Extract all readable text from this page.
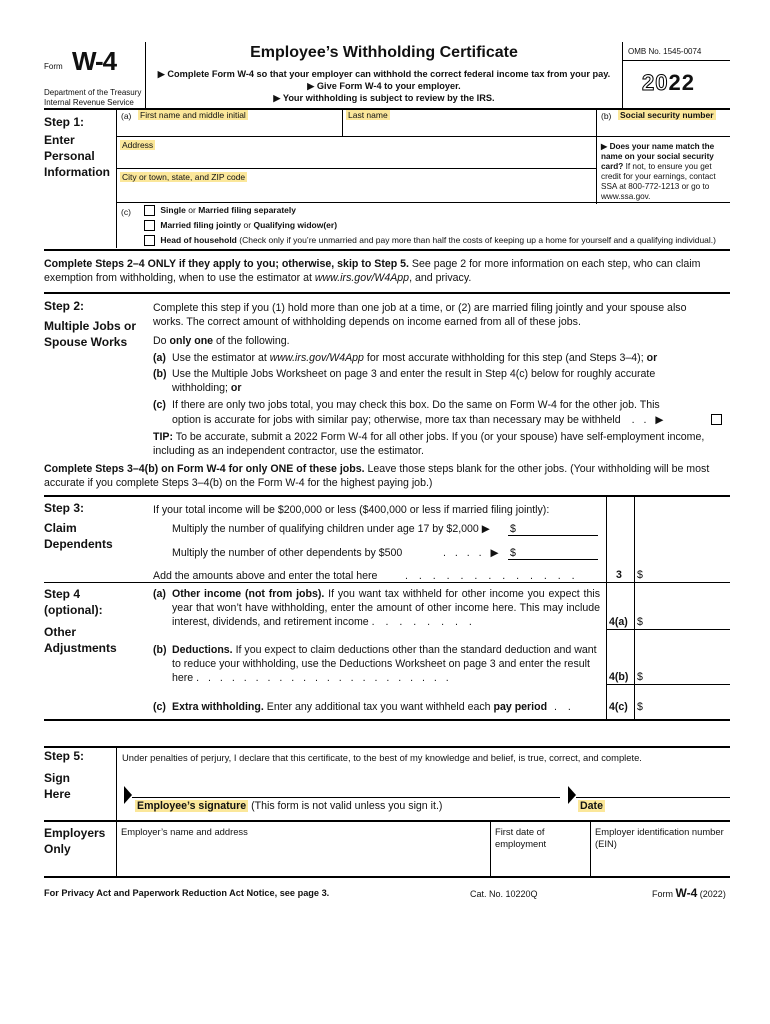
Form W-4
Department of the Treasury
Internal Revenue Service
Employee’s Withholding Certificate
▶ Complete Form W-4 so that your employer can withhold the correct federal income tax from your pay.
▶ Give Form W-4 to your employer.
▶ Your withholding is subject to review by the IRS.
OMB No. 1545-0074
2022
Step 1:
Enter Personal Information
(a) First name and middle initial	Last name	(b) Social security number
Address
City or town, state, and ZIP code
▶ Does your name match the name on your social security card? If not, to ensure you get credit for your earnings, contact SSA at 800-772-1213 or go to www.ssa.gov.
(c)	Single or Married filing separately
Married filing jointly or Qualifying widow(er)
Head of household (Check only if you’re unmarried and pay more than half the costs of keeping up a home for yourself and a qualifying individual.)
Complete Steps 2–4 ONLY if they apply to you; otherwise, skip to Step 5. See page 2 for more information on each step, who can claim exemption from withholding, when to use the estimator at www.irs.gov/W4App, and privacy.
Step 2:
Multiple Jobs or Spouse Works
Complete this step if you (1) hold more than one job at a time, or (2) are married filing jointly and your spouse also works. The correct amount of withholding depends on income earned from all of these jobs.
Do only one of the following.
(a) Use the estimator at www.irs.gov/W4App for most accurate withholding for this step (and Steps 3–4); or
(b) Use the Multiple Jobs Worksheet on page 3 and enter the result in Step 4(c) below for roughly accurate withholding; or
(c) If there are only two jobs total, you may check this box. Do the same on Form W-4 for the other job. This
option is accurate for jobs with similar pay; otherwise, more tax than necessary may be withheld . . ▶
TIP: To be accurate, submit a 2022 Form W-4 for all other jobs. If you (or your spouse) have self-employment income, including as an independent contractor, use the estimator.
Complete Steps 3–4(b) on Form W-4 for only ONE of these jobs. Leave those steps blank for the other jobs. (Your withholding will be most accurate if you complete Steps 3–4(b) on the Form W-4 for the highest paying job.)
Step 3:
Claim Dependents
If your total income will be $200,000 or less ($400,000 or less if married filing jointly):
Multiply the number of qualifying children under age 17 by $2,000 ▶ $
Multiply the number of other dependents by $500	. . . . ▶ $
Add the amounts above and enter the total here	. . . . . . . . . . . . .	3 $
Step 4
(optional):
Other Adjustments
(a) Other income (not from jobs). If you want tax withheld for other income you expect this year that won’t have withholding, enter the amount of other income here. This may include interest, dividends, and retirement income . . . . . . . .	4(a) $
(b) Deductions. If you expect to claim deductions other than the standard deduction and want to reduce your withholding, use the Deductions Worksheet on page 3 and enter the result here . . . . . . . . . . . . . . . . . . . . . .	4(b) $
(c) Extra withholding. Enter any additional tax you want withheld each pay period . .	4(c) $
Step 5:
Sign Here
Under penalties of perjury, I declare that this certificate, to the best of my knowledge and belief, is true, correct, and complete.
Employee’s signature (This form is not valid unless you sign it.)	Date
Employers Only
Employer’s name and address	First date of employment
Employer identification number (EIN)
For Privacy Act and Paperwork Reduction Act Notice, see page 3.	Cat. No. 10220Q	Form W-4 (2022)
